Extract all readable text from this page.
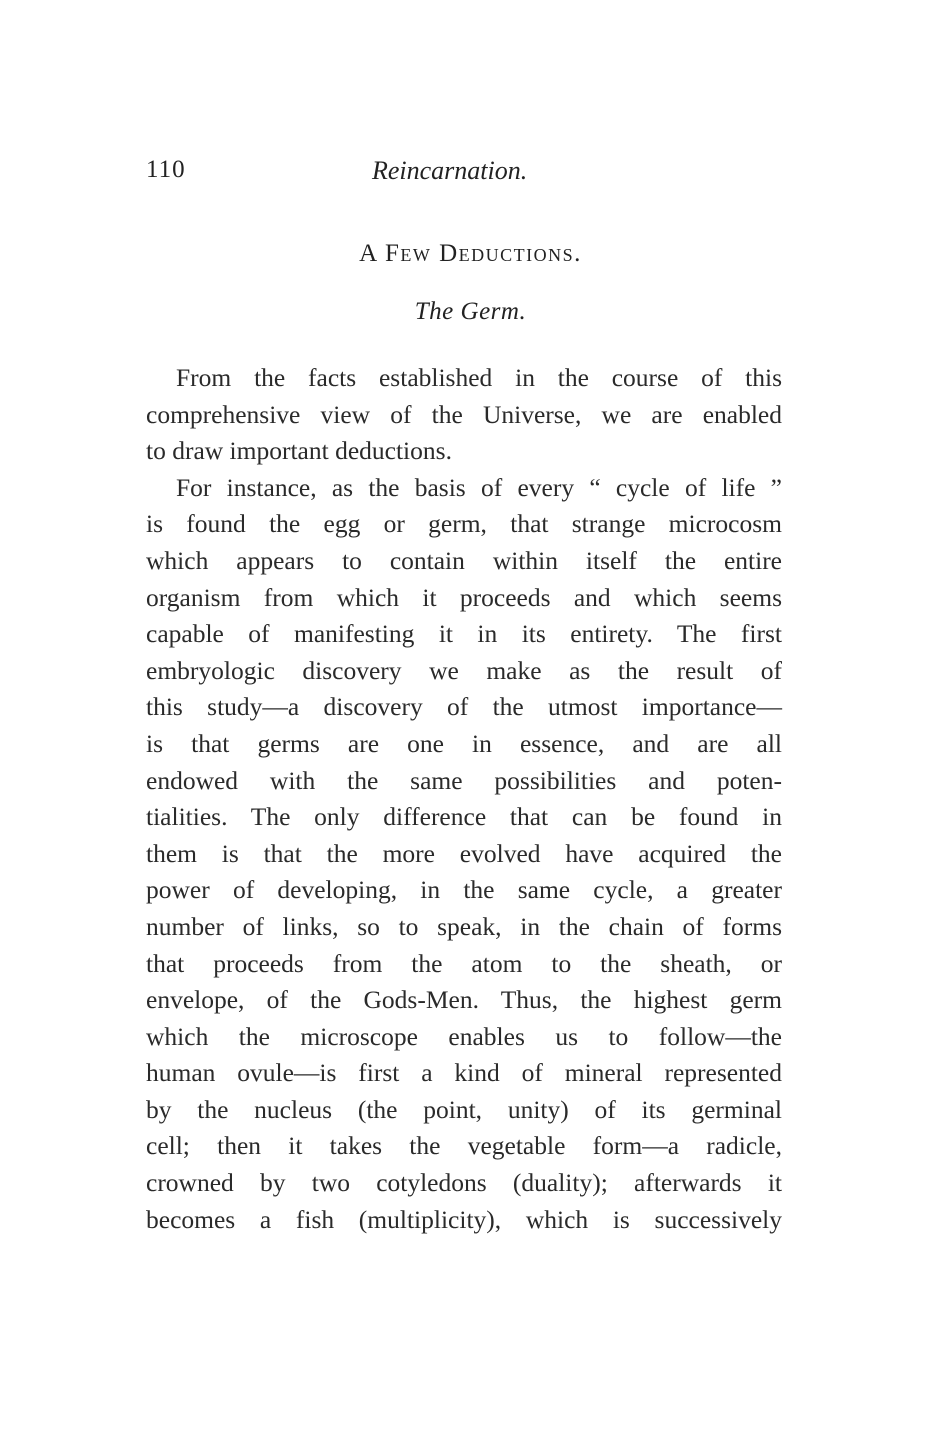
110	Reincarnation.
A Few Deductions.
The Germ.
From the facts established in the course of this
comprehensive view of the Universe, we are enabled
to draw important deductions.
For instance, as the basis of every “ cycle of life ”
is found the egg or germ, that strange microcosm
which appears to contain within itself the entire
organism from which it proceeds and which seems
capable of manifesting it in its entirety. The first
embryologic discovery we make as the result of
this study—a discovery of the utmost importance—
is that germs are one in essence, and are all
endowed with the same possibilities and poten-
tialities. The only difference that can be found in
them is that the more evolved have acquired the
power of developing, in the same cycle, a greater
number of links, so to speak, in the chain of forms
that proceeds from the atom to the sheath, or
envelope, of the Gods-Men. Thus, the highest germ
which the microscope enables us to follow—the
human ovule—is first a kind of mineral represented
by the nucleus (the point, unity) of its germinal
cell; then it takes the vegetable form—a radicle,
crowned by two cotyledons (duality); afterwards it
becomes a fish (multiplicity), which is successively
